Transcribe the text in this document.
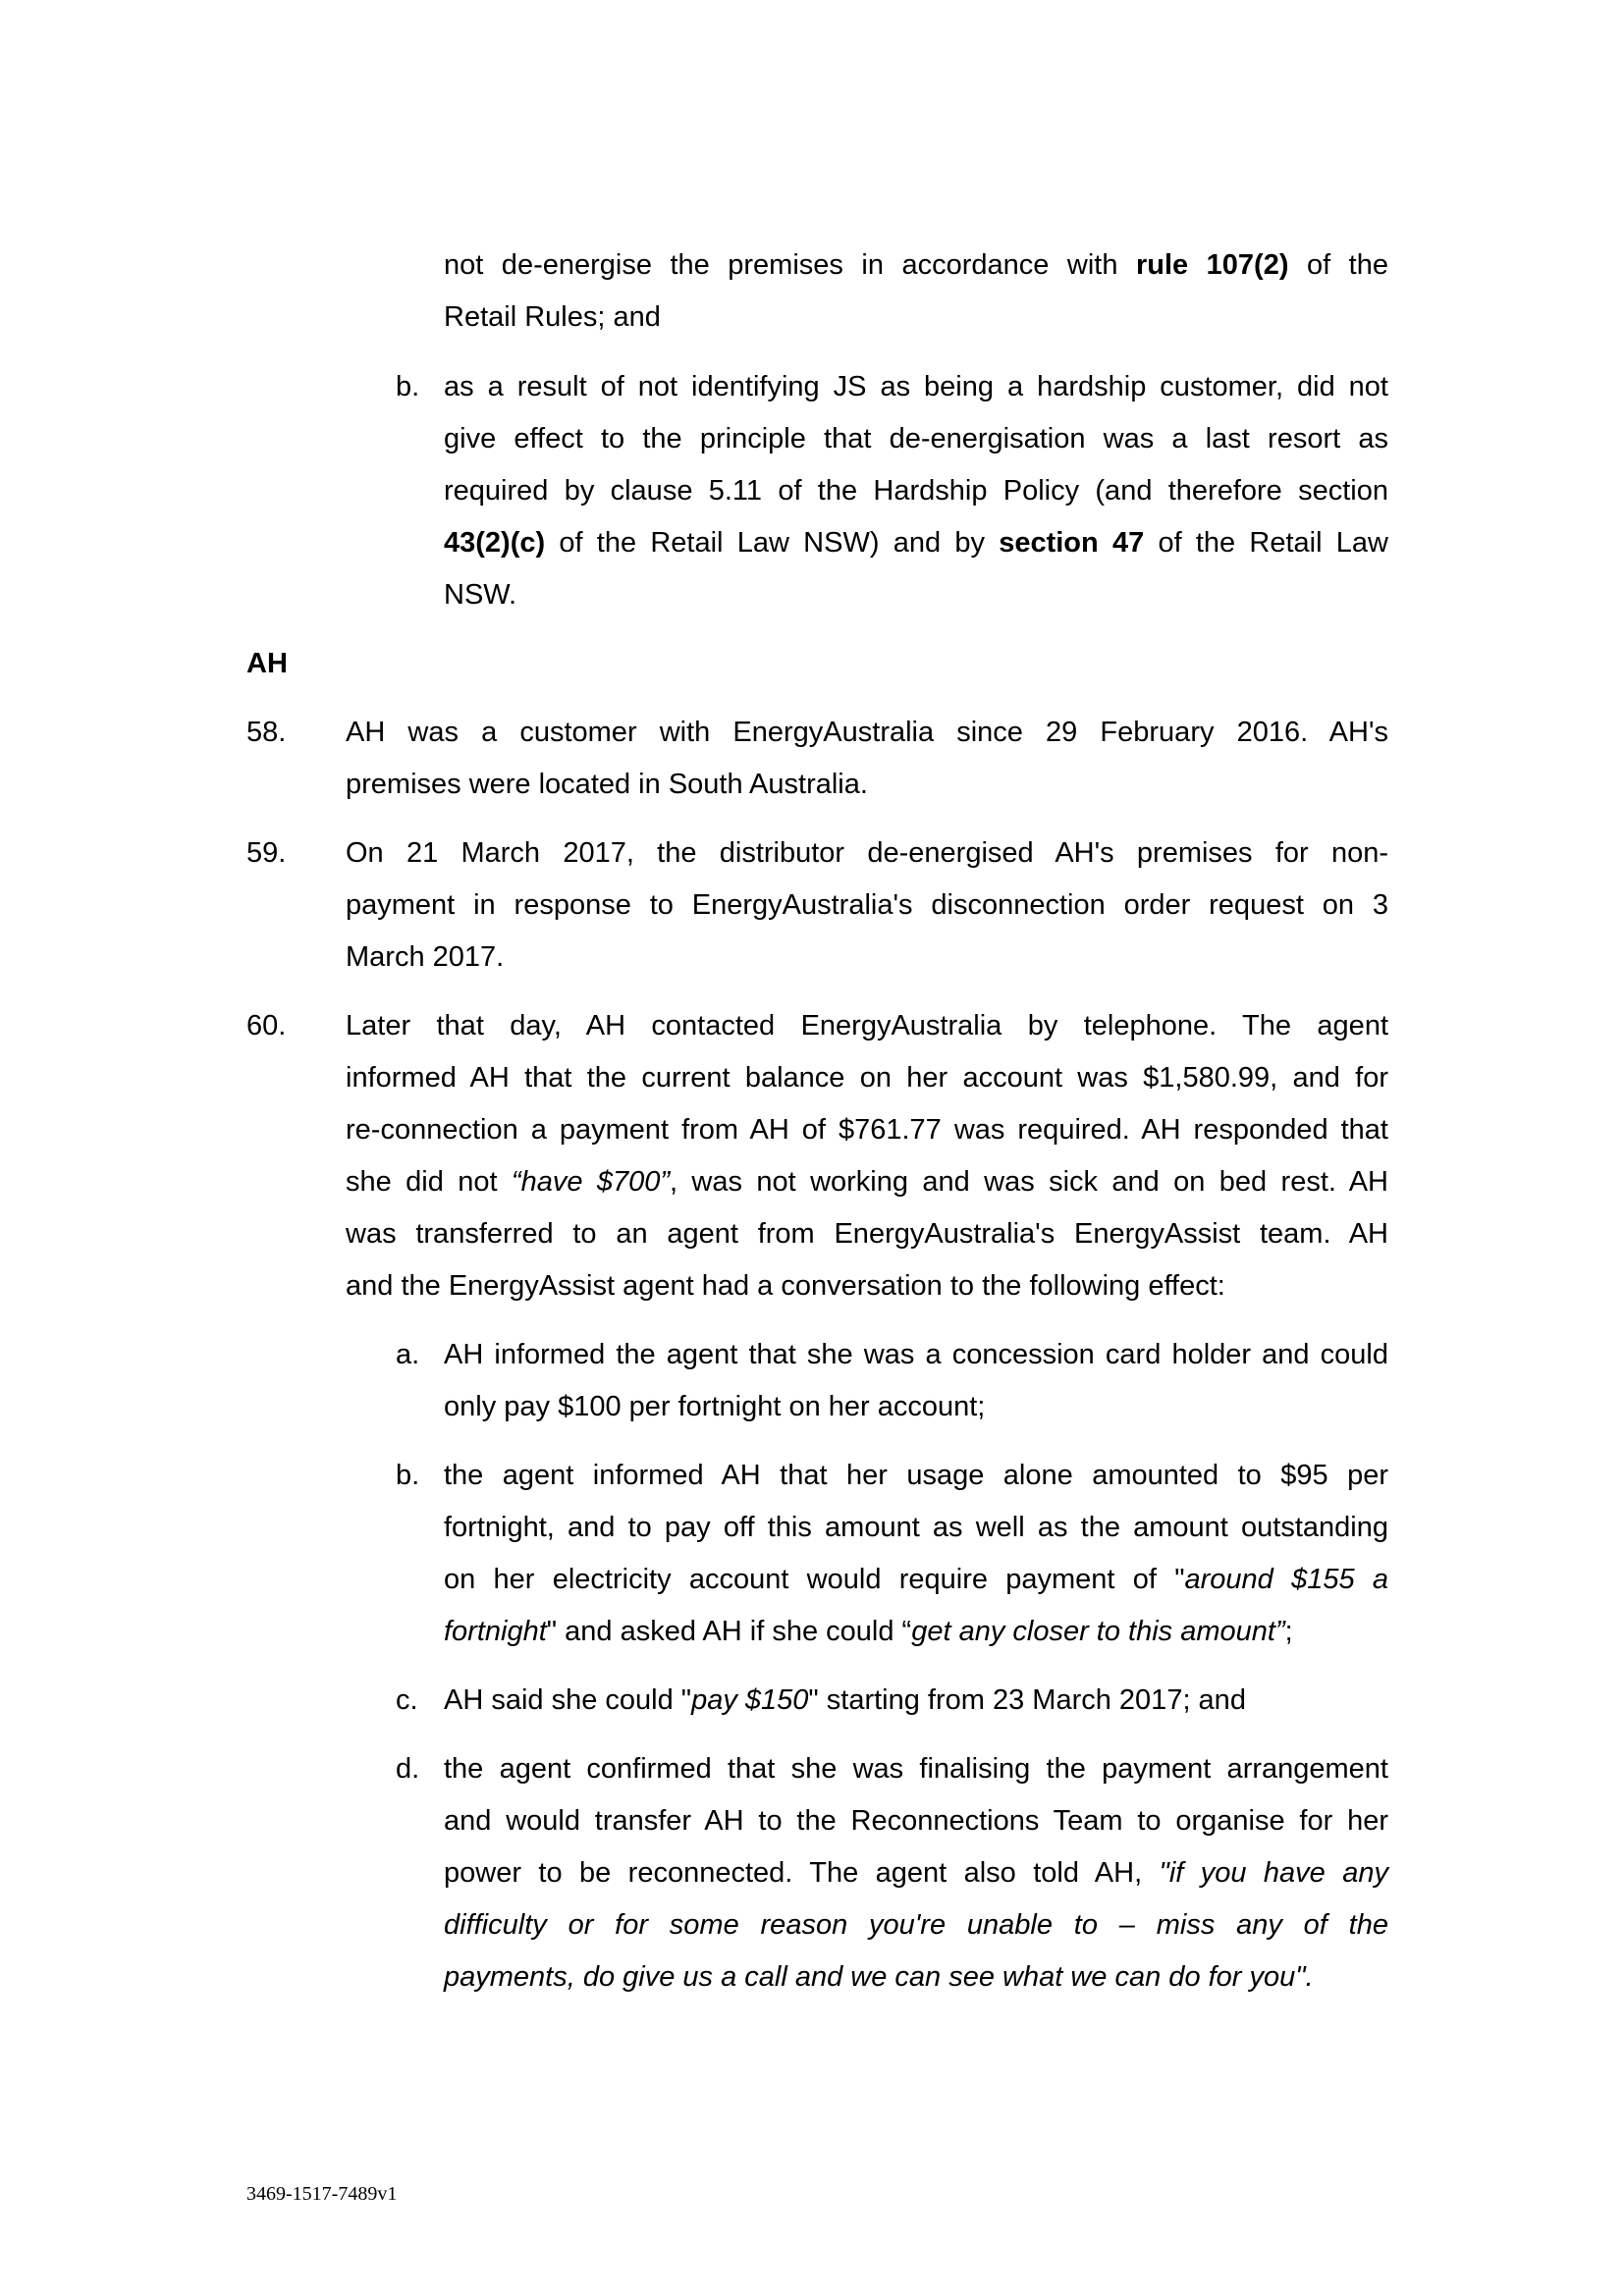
not de-energise the premises in accordance with rule 107(2) of the
Retail Rules; and
b. as a result of not identifying JS as being a hardship customer, did not
give effect to the principle that de-energisation was a last resort as
required by clause 5.11 of the Hardship Policy (and therefore section
43(2)(c) of the Retail Law NSW) and by section 47 of the Retail Law
NSW.
AH
58. AH was a customer with EnergyAustralia since 29 February 2016. AH's
premises were located in South Australia.
59. On 21 March 2017, the distributor de-energised AH's premises for non-
payment in response to EnergyAustralia's disconnection order request on 3
March 2017.
60. Later that day, AH contacted EnergyAustralia by telephone. The agent
informed AH that the current balance on her account was $1,580.99, and for
re-connection a payment from AH of $761.77 was required. AH responded that
she did not “have $700”, was not working and was sick and on bed rest. AH
was transferred to an agent from EnergyAustralia's EnergyAssist team. AH
and the EnergyAssist agent had a conversation to the following effect:
a. AH informed the agent that she was a concession card holder and could
only pay $100 per fortnight on her account;
b. the agent informed AH that her usage alone amounted to $95 per
fortnight, and to pay off this amount as well as the amount outstanding
on her electricity account would require payment of "around $155 a
fortnight" and asked AH if she could “get any closer to this amount”;
c. AH said she could "pay $150" starting from 23 March 2017; and
d. the agent confirmed that she was finalising the payment arrangement
and would transfer AH to the Reconnections Team to organise for her
power to be reconnected. The agent also told AH, "if you have any
difficulty or for some reason you're unable to – miss any of the
payments, do give us a call and we can see what we can do for you".
3469-1517-7489v1
